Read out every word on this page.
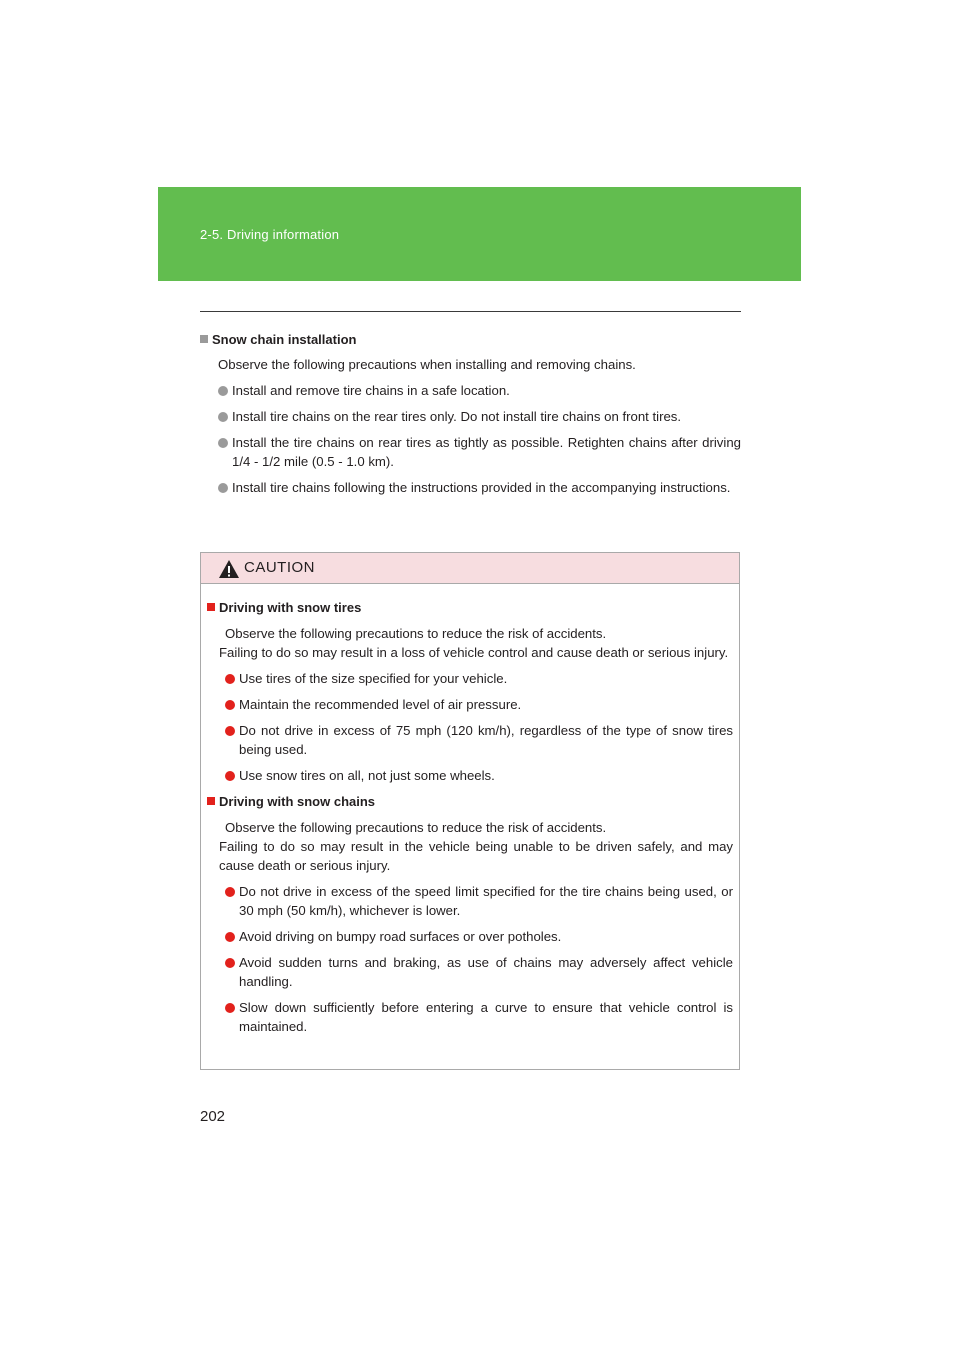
2-5. Driving information
Snow chain installation
Observe the following precautions when installing and removing chains.
Install and remove tire chains in a safe location.
Install tire chains on the rear tires only. Do not install tire chains on front tires.
Install the tire chains on rear tires as tightly as possible. Retighten chains after driving 1/4 - 1/2 mile (0.5 - 1.0 km).
Install tire chains following the instructions provided in the accompanying instructions.
CAUTION
Driving with snow tires
Observe the following precautions to reduce the risk of accidents.
Failing to do so may result in a loss of vehicle control and cause death or serious injury.
Use tires of the size specified for your vehicle.
Maintain the recommended level of air pressure.
Do not drive in excess of 75 mph (120 km/h), regardless of the type of snow tires being used.
Use snow tires on all, not just some wheels.
Driving with snow chains
Observe the following precautions to reduce the risk of accidents.
Failing to do so may result in the vehicle being unable to be driven safely, and may cause death or serious injury.
Do not drive in excess of the speed limit specified for the tire chains being used, or 30 mph (50 km/h), whichever is lower.
Avoid driving on bumpy road surfaces or over potholes.
Avoid sudden turns and braking, as use of chains may adversely affect vehicle handling.
Slow down sufficiently before entering a curve to ensure that vehicle control is maintained.
202
